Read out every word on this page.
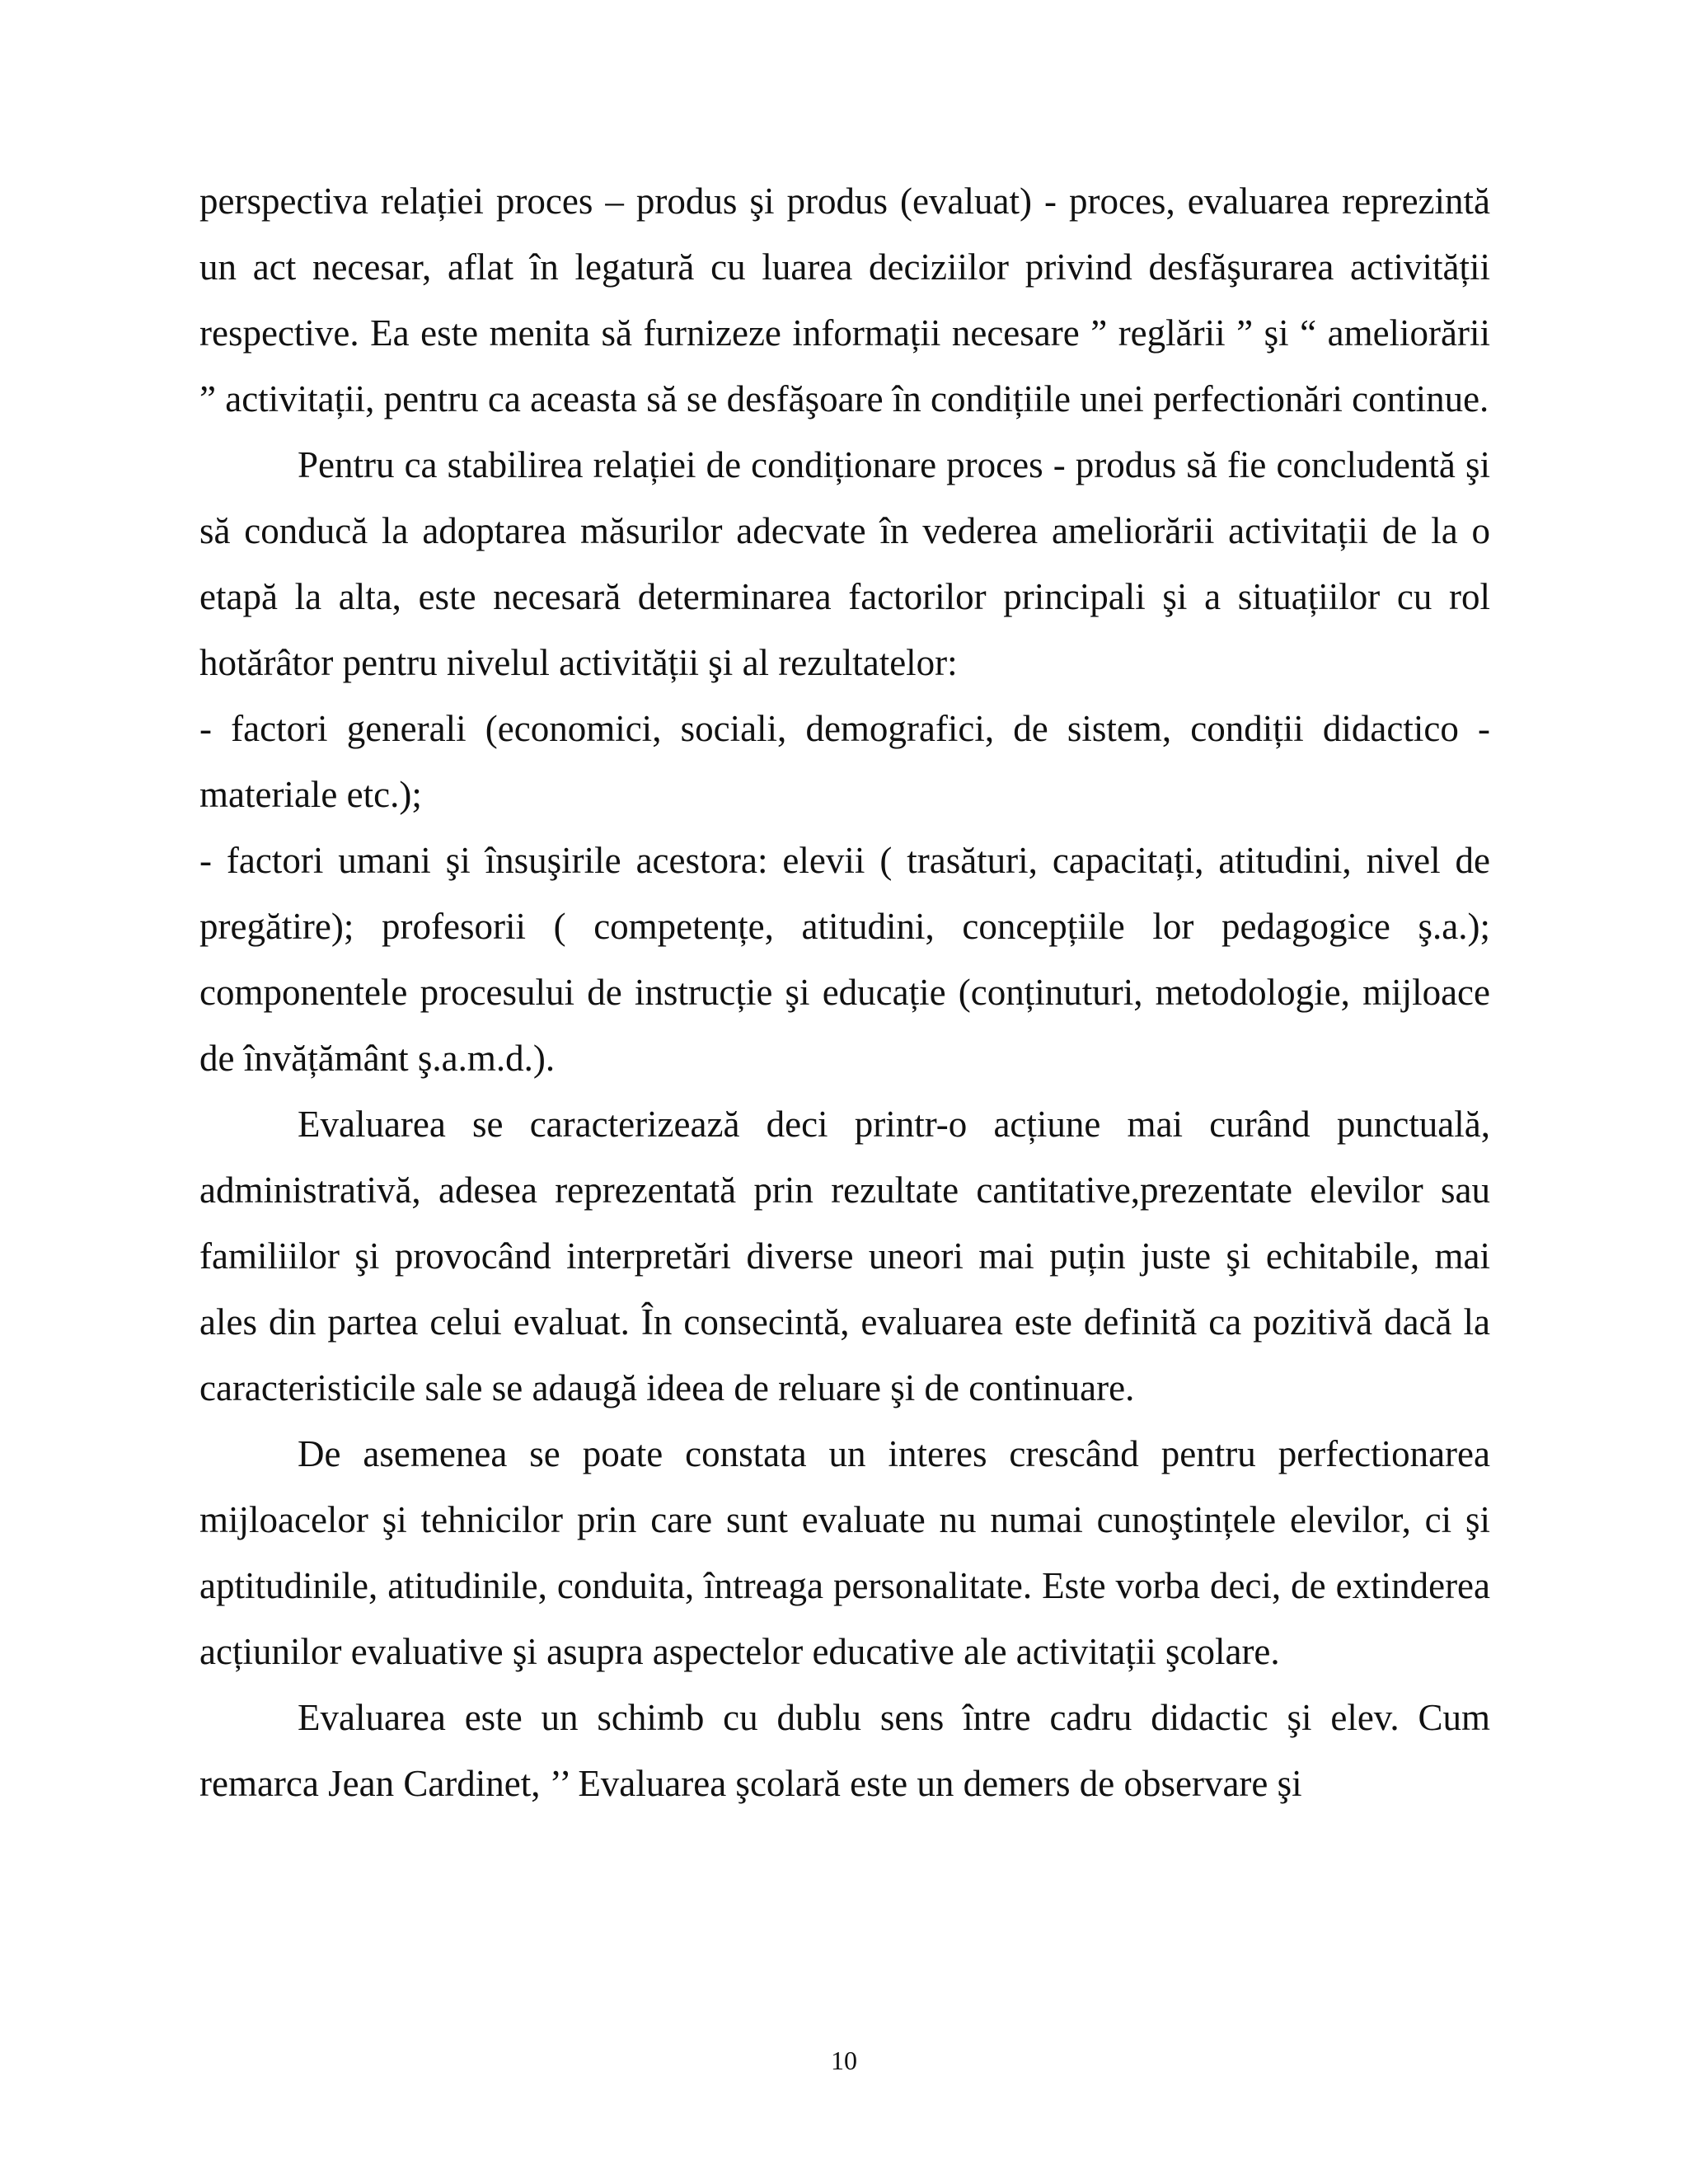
perspectiva relației proces – produs şi produs (evaluat) - proces, evaluarea reprezintă un act necesar, aflat în legatură cu luarea deciziilor privind desfăşurarea activității respective. Ea este menita să furnizeze informații necesare ” reglării ” şi “ ameliorării ” activitații, pentru ca aceasta să se desfăşoare în condițiile unei perfectionări continue.

Pentru ca stabilirea relației de condiționare proces - produs să fie concludentă şi să conducă la adoptarea măsurilor adecvate în vederea ameliorării activitații de la o etapă la alta, este necesară determinarea factorilor principali şi a situațiilor cu rol hotărâtor pentru nivelul activității şi al rezultatelor:

- factori generali (economici, sociali, demografici, de sistem, condiții didactico -materiale etc.);

- factori umani şi însuşirile acestora: elevii ( trasături, capacitați, atitudini, nivel de pregătire); profesorii ( competențe, atitudini, concepțiile lor pedagogice ş.a.); componentele procesului de instrucție şi educație (conținuturi, metodologie, mijloace de învățământ ş.a.m.d.).

Evaluarea se caracterizează deci printr-o acțiune mai curând punctuală, administrativă, adesea reprezentată prin rezultate cantitative,prezentate elevilor sau familiilor şi provocând interpretări diverse uneori mai puțin juste şi echitabile, mai ales din partea celui evaluat. În consecintă, evaluarea este definită ca pozitivă dacă la caracteristicile sale se adaugă ideea de reluare şi de continuare.

De asemenea se poate constata un interes crescând pentru perfectionarea mijloacelor şi tehnicilor prin care sunt evaluate nu numai cunoştințele elevilor, ci şi aptitudinile, atitudinile, conduita, întreaga personalitate. Este vorba deci, de extinderea acțiunilor evaluative şi asupra aspectelor educative ale activitații şcolare.

Evaluarea este un schimb cu dublu sens între cadru didactic şi elev. Cum remarca Jean Cardinet, ’’ Evaluarea şcolară este un demers de observare şi

10
